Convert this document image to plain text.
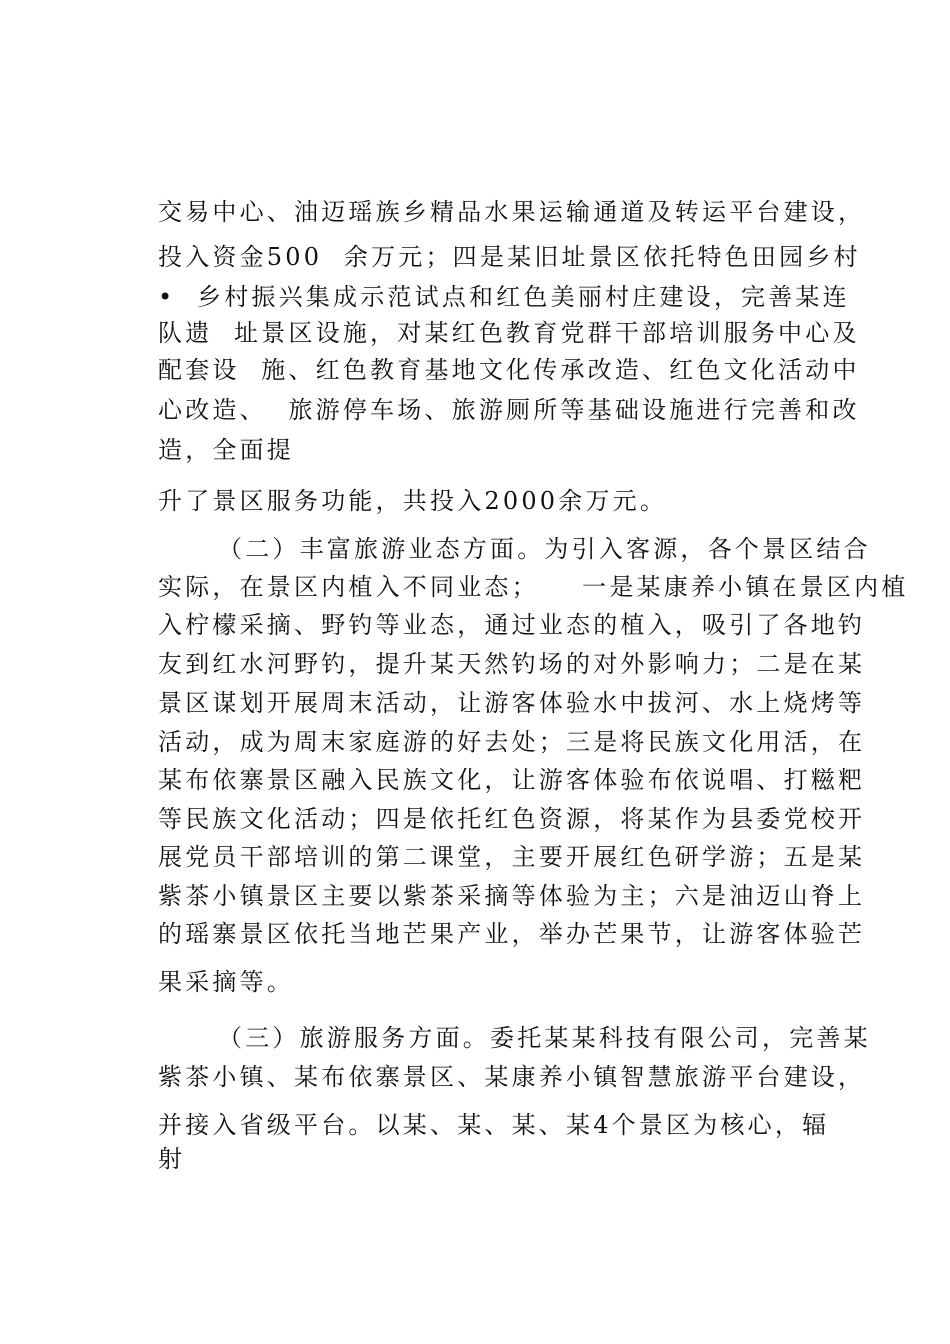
交易中心、油迈瑶族乡精品水果运输通道及转运平台建设，
投入资金500  余万元；四是某旧址景区依托特色田园乡村
•  乡村振兴集成示范试点和红色美丽村庄建设，完善某连
队遗  址景区设施，对某红色教育党群干部培训服务中心及
配套设  施、红色教育基地文化传承改造、红色文化活动中
心改造、  旅游停车场、旅游厕所等基础设施进行完善和改
造，全面提
升了景区服务功能，共投入2000余万元。
（二）丰富旅游业态方面。为引入客源，各个景区结合
实际，在景区内植入不同业态；    一是某康养小镇在景区内植
入柠檬采摘、野钓等业态，通过业态的植入，吸引了各地钓
友到红水河野钓，提升某天然钓场的对外影响力；二是在某
景区谋划开展周末活动，让游客体验水中拔河、水上烧烤等
活动，成为周末家庭游的好去处；三是将民族文化用活，在
某布依寨景区融入民族文化，让游客体验布依说唱、打糍粑
等民族文化活动；四是依托红色资源，将某作为县委党校开
展党员干部培训的第二课堂，主要开展红色研学游；五是某
紫茶小镇景区主要以紫茶采摘等体验为主；六是油迈山脊上
的瑶寨景区依托当地芒果产业，举办芒果节，让游客体验芒
果采摘等。
（三）旅游服务方面。委托某某科技有限公司，完善某
紫茶小镇、某布依寨景区、某康养小镇智慧旅游平台建设，
并接入省级平台。以某、某、某、某4个景区为核心，辐
射
